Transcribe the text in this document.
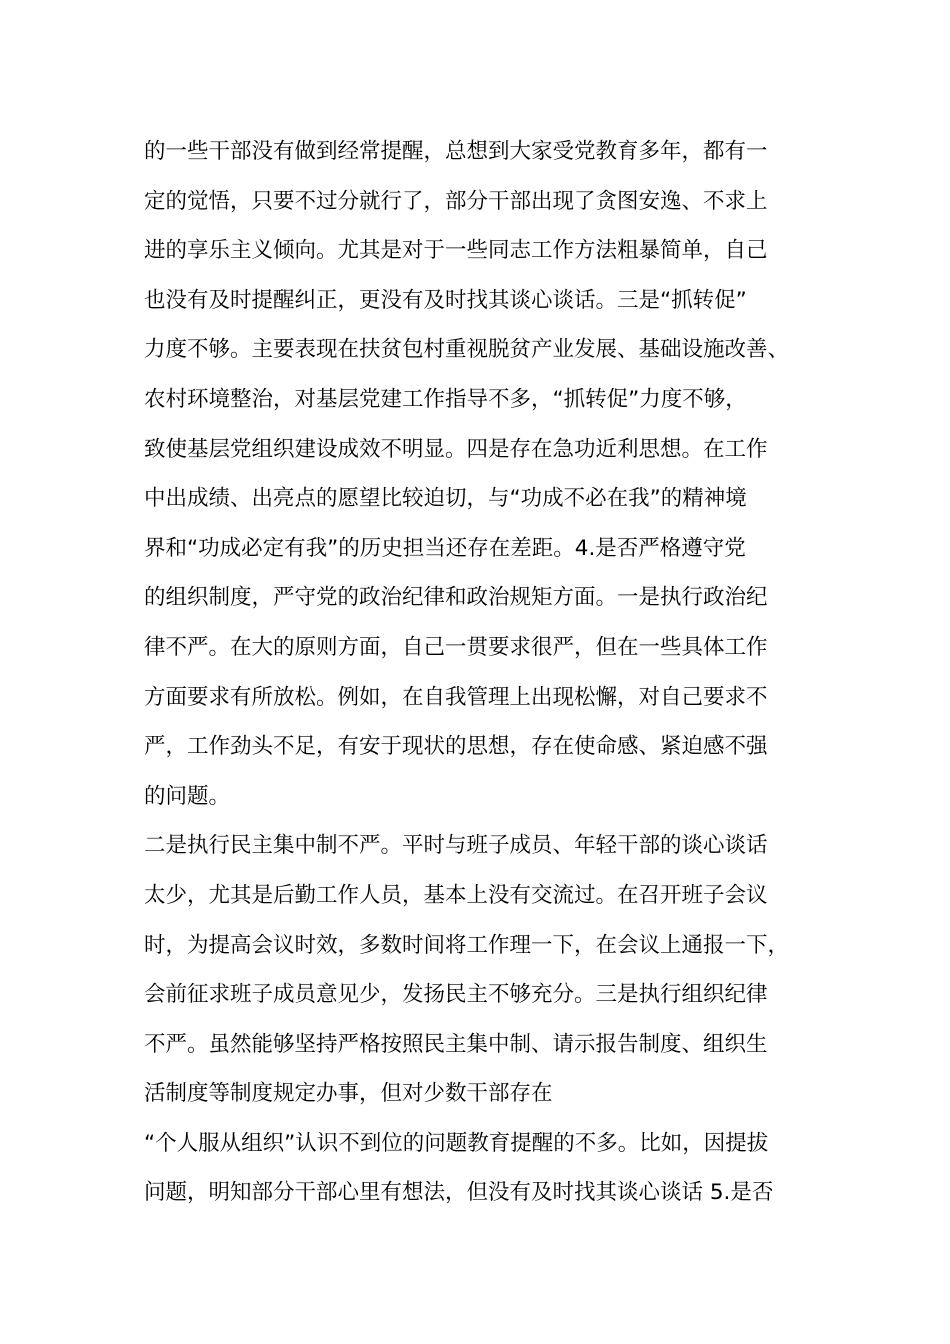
的一些干部没有做到经常提醒，总想到大家受党教育多年，都有一
定的觉悟，只要不过分就行了，部分干部出现了贪图安逸、不求上
进的享乐主义倾向。尤其是对于一些同志工作方法粗暴简单，自己
也没有及时提醒纠正，更没有及时找其谈心谈话。三是“抓转促”
力度不够。主要表现在扶贫包村重视脱贫产业发展、基础设施改善、
农村环境整治，对基层党建工作指导不多，“抓转促”力度不够，
致使基层党组织建设成效不明显。四是存在急功近利思想。在工作
中出成绩、出亮点的愿望比较迫切，与“功成不必在我”的精神境
界和“功成必定有我”的历史担当还存在差距。4.是否严格遵守党
的组织制度，严守党的政治纪律和政治规矩方面。一是执行政治纪
律不严。在大的原则方面，自己一贯要求很严，但在一些具体工作
方面要求有所放松。例如，在自我管理上出现松懈，对自己要求不
严，工作劲头不足，有安于现状的思想，存在使命感、紧迫感不强
的问题。
二是执行民主集中制不严。平时与班子成员、年轻干部的谈心谈话
太少，尤其是后勤工作人员，基本上没有交流过。在召开班子会议
时，为提高会议时效，多数时间将工作理一下，在会议上通报一下，
会前征求班子成员意见少，发扬民主不够充分。三是执行组织纪律
不严。虽然能够坚持严格按照民主集中制、请示报告制度、组织生
活制度等制度规定办事，但对少数干部存在
“个人服从组织”认识不到位的问题教育提醒的不多。比如，因提拔
问题，明知部分干部心里有想法，但没有及时找其谈心谈话 5.是否
